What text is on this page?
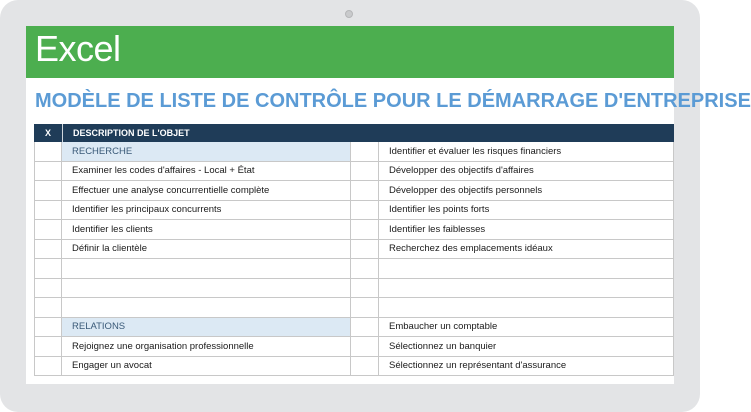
Excel
MODÈLE DE LISTE DE CONTRÔLE POUR LE DÉMARRAGE D'ENTREPRISE
X	DESCRIPTION DE L'OBJET
RECHERCHE	Identifier et évaluer les risques financiers
Examiner les codes d'affaires - Local + État	Développer des objectifs d'affaires
Effectuer une analyse concurrentielle complète	Développer des objectifs personnels
Identifier les principaux concurrents	Identifier les points forts
Identifier les clients	Identifier les faiblesses
Définir la clientèle	Recherchez des emplacements idéaux
RELATIONS	Embaucher un comptable
Rejoignez une organisation professionnelle	Sélectionnez un banquier
Engager un avocat	Sélectionnez un représentant d'assurance
